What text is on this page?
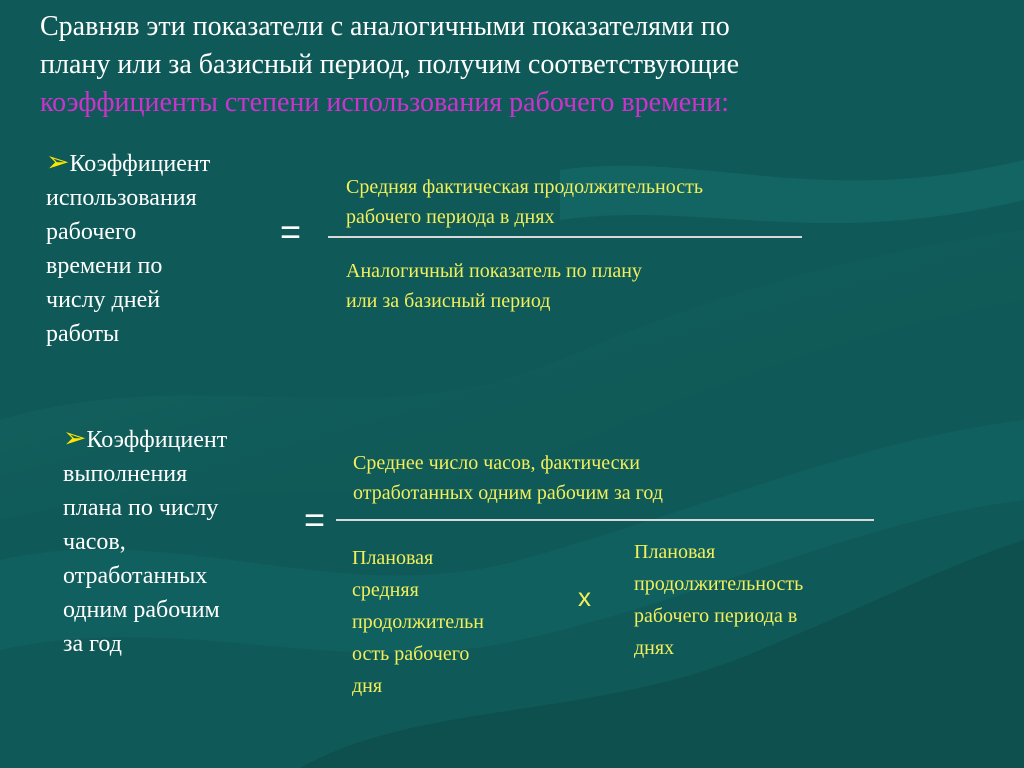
Сравняв эти показатели с аналогичными показателями по
плану или за базисный период, получим соответствующие
коэффициенты степени использования рабочего времени:
➢Коэффициент
использования
рабочего
времени по
числу дней
работы
=
Средняя фактическая продолжительность
рабочего периода в днях
Аналогичный показатель по плану
или за базисный период
➢Коэффициент
выполнения
плана по числу
часов,
отработанных
одним рабочим
за год
=
Среднее число часов, фактически
отработанных одним рабочим за год
Плановая
средняя
продолжительн
ость рабочего
дня
х
Плановая
продолжительность
рабочего периода в
днях
